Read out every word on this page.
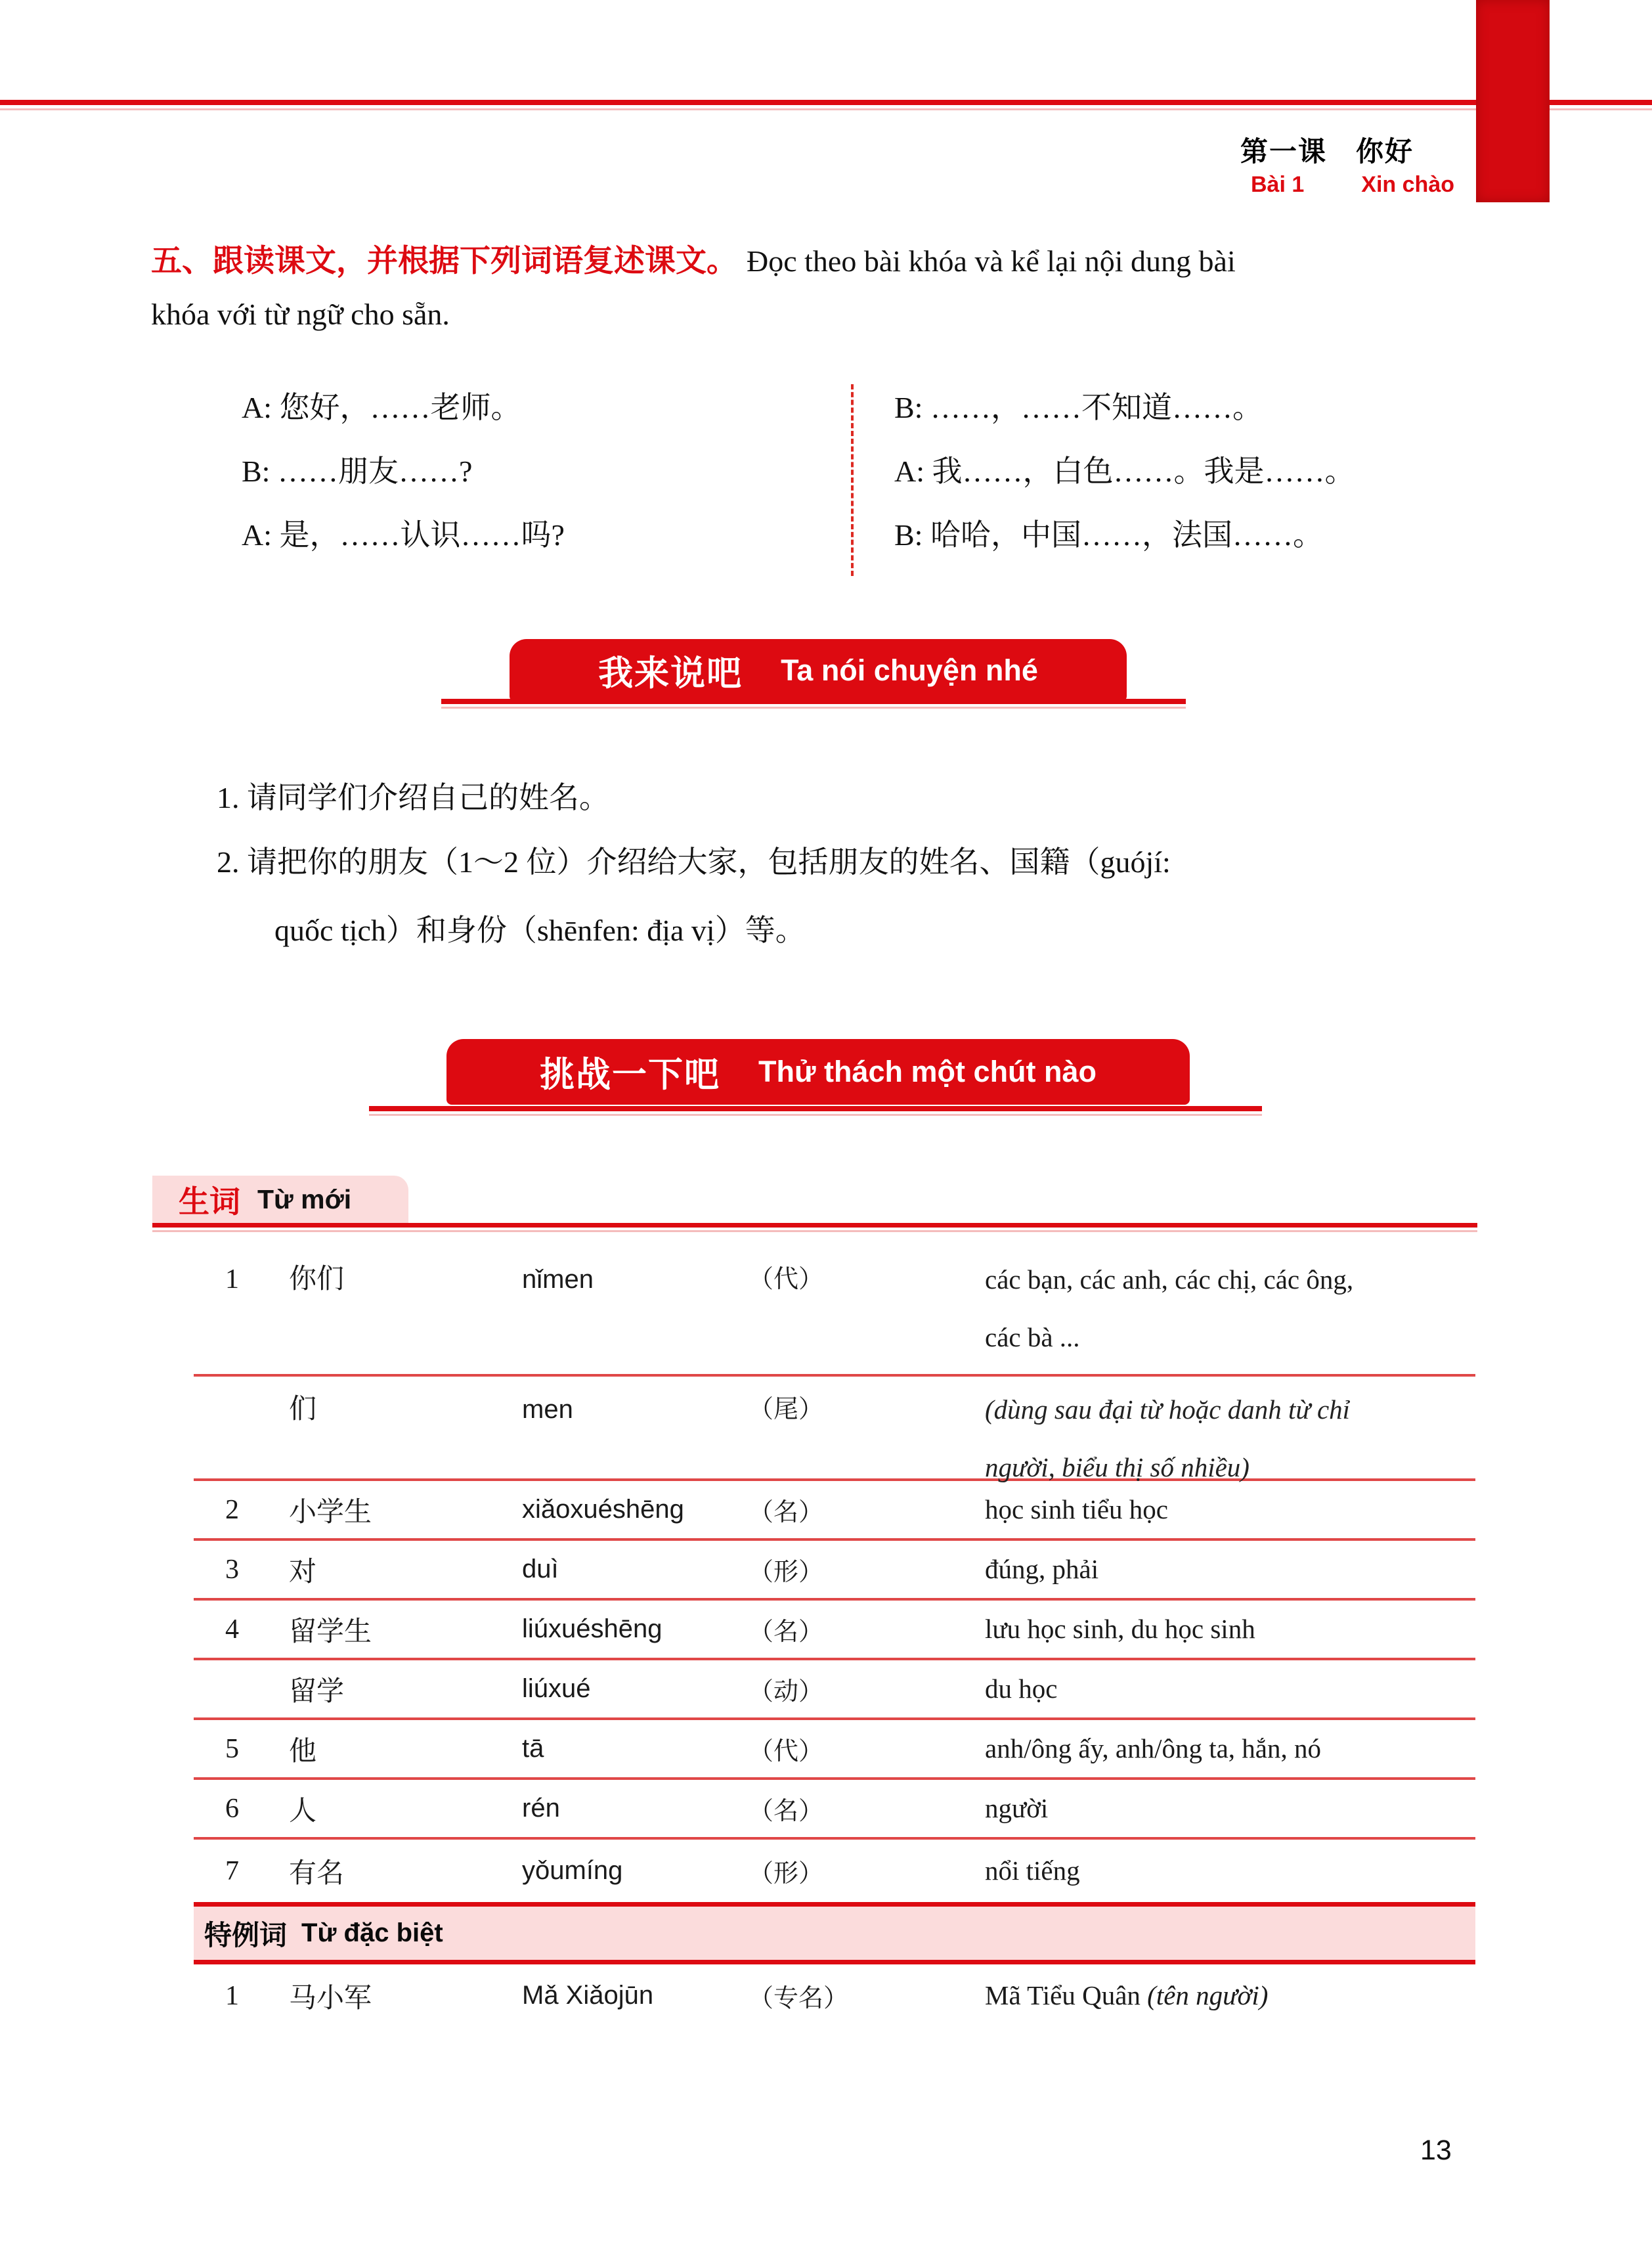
第一课　你好
Bài 1	Xin chào
五、跟读课文，并根据下列词语复述课文。 Đọc theo bài khóa và kể lại nội dung bài
khóa với từ ngữ cho sẵn.
A: 您好，……老师。
B: ……朋友……?
A: 是，……认识……吗?
B: ……，……不知道……。
A: 我……，白色……。我是……。
B: 哈哈，中国……，法国……。
我来说吧 Ta nói chuyện nhé
1. 请同学们介绍自己的姓名。
2. 请把你的朋友（1～2 位）介绍给大家，包括朋友的姓名、国籍（guójí:
quốc tịch）和身份（shēnfen: địa vị）等。
挑战一下吧 Thử thách một chút nào
生词 Từ mới
1	你们	nǐmen	（代）	các bạn, các anh, các chị, các ông,
các bà ...
们	men	（尾）	(dùng sau đại từ hoặc danh từ chỉ
người, biểu thị số nhiều)
2	小学生	xiǎoxuéshēng	（名）	học sinh tiểu học
3	对	duì	（形）	đúng, phải
4	留学生	liúxuéshēng	（名）	lưu học sinh, du học sinh
留学	liúxué	（动）	du học
5	他	tā	（代）	anh/ông ấy, anh/ông ta, hắn, nó
6	人	rén	（名）	người
7	有名	yǒumíng	（形）	nổi tiếng
特例词 Từ đặc biệt
1	马小军	Mǎ Xiǎojūn	（专名）	Mã Tiểu Quân (tên người)
13
